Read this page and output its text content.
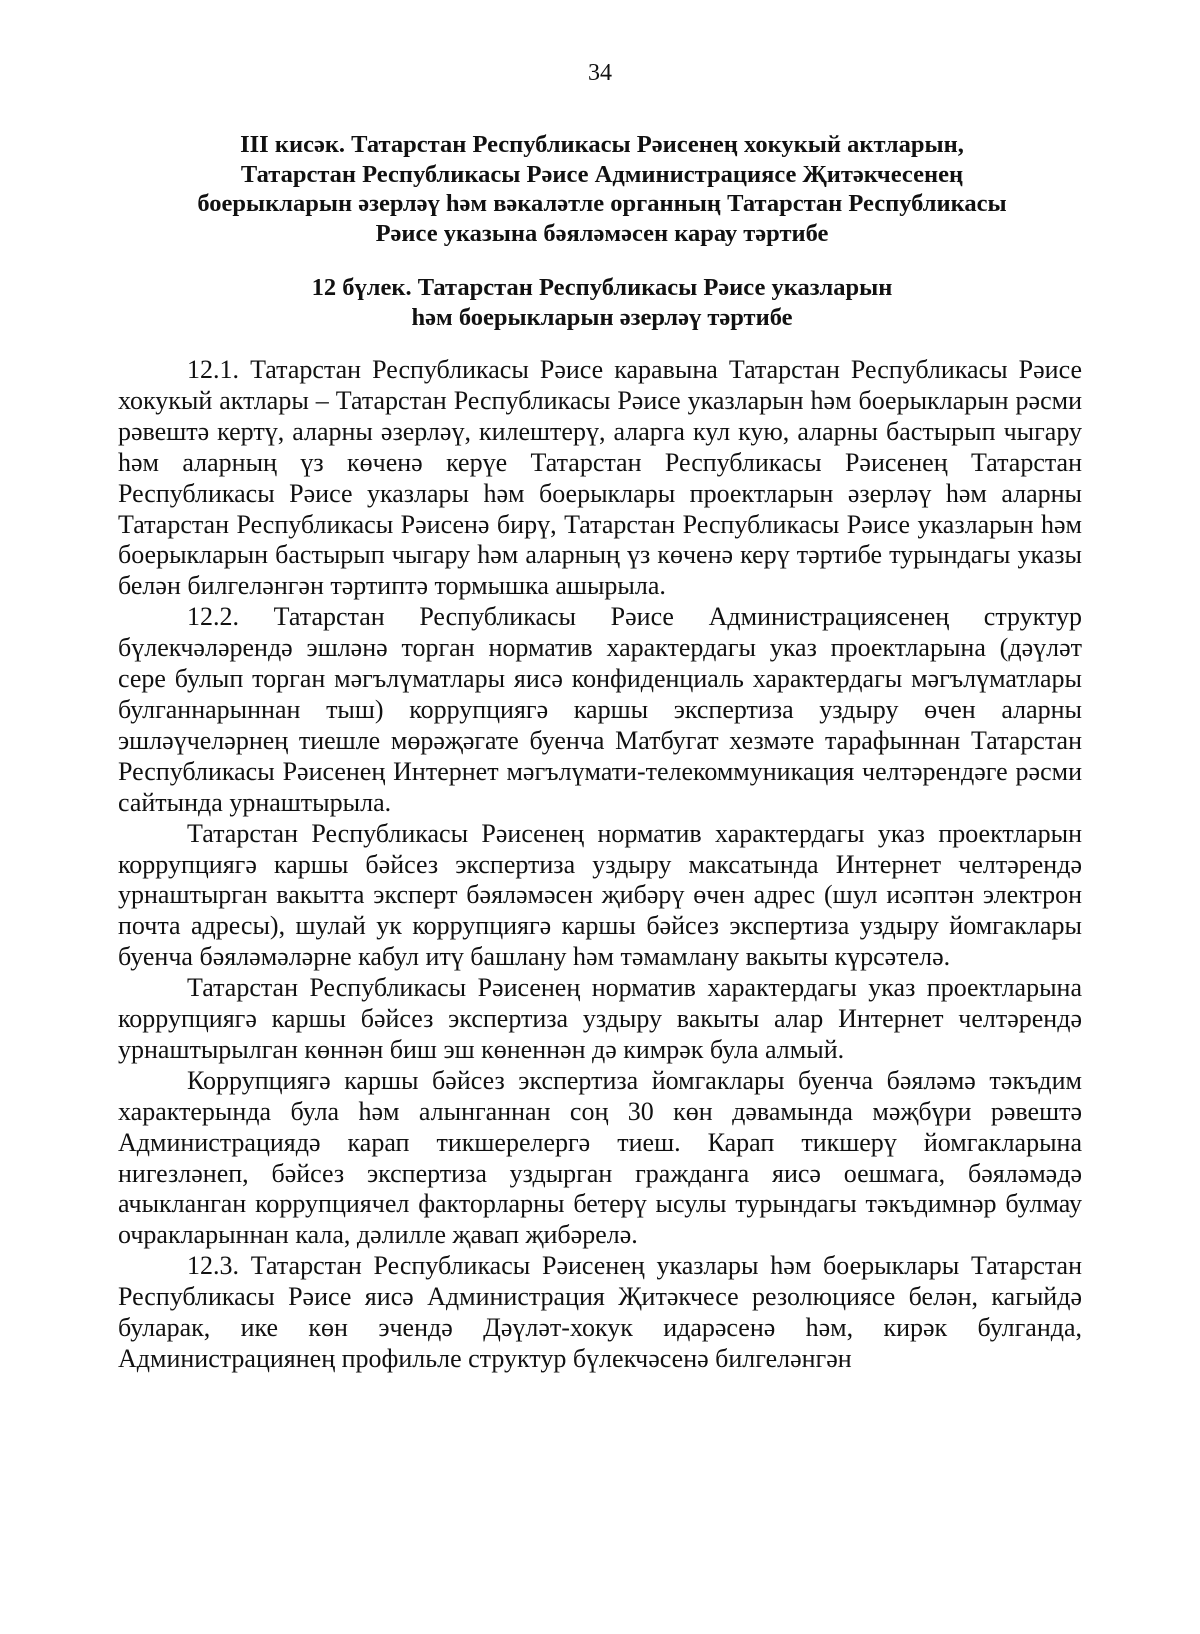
34
III кисәк. Татарстан Республикасы Рәисенең хокукый актларын,
Татарстан Республикасы Рәисе Администрациясе Җитәкчесенең
боерыкларын әзерләү һәм вәкаләтле органның Татарстан Республикасы
Рәисе указына бәяләмәсен карау тәртибе
12 бүлек. Татарстан Республикасы Рәисе указларын
һәм боерыкларын әзерләү тәртибе

12.1. Татарстан Республикасы Рәисе каравына Татарстан Республикасы Рәисе хокукый актлары – Татарстан Республикасы Рәисе указларын һәм боерыкларын рәсми рәвештә кертү, аларны әзерләү, килештерү, аларга кул кую, аларны бастырып чыгару һәм аларның үз көченә керүе Татарстан Республикасы Рәисенең Татарстан Республикасы Рәисе указлары һәм боерыклары проектларын әзерләү һәм аларны Татарстан Республикасы Рәисенә бирү, Татарстан Республикасы Рәисе указларын һәм боерыкларын бастырып чыгару һәм аларның үз көченә керү тәртибе турындагы указы белән билгеләнгән тәртиптә тормышка ашырыла.

12.2. Татарстан Республикасы Рәисе Администрациясенең структур бүлекчәләрендә эшләнә торган норматив характердагы указ проектларына (дәүләт сере булып торган мәгълүматлары яисә конфиденциаль характердагы мәгълүматлары булганнарыннан тыш) коррупциягә каршы экспертиза уздыру өчен аларны эшләүчеләрнең тиешле мөрәҗәгате буенча Матбугат хезмәте тарафыннан Татарстан Республикасы Рәисенең Интернет мәгълүмати-телекоммуникация челтәрендәге рәсми сайтында урнаштырыла.

Татарстан Республикасы Рәисенең норматив характердагы указ проектларын коррупциягә каршы бәйсез экспертиза уздыру максатында Интернет челтәрендә урнаштырган вакытта эксперт бәяләмәсен җибәрү өчен адрес (шул исәптән электрон почта адресы), шулай ук коррупциягә каршы бәйсез экспертиза уздыру йомгаклары буенча бәяләмәләрне кабул итү башлану һәм тәмамлану вакыты күрсәтелә.

Татарстан Республикасы Рәисенең норматив характердагы указ проектларына коррупциягә каршы бәйсез экспертиза уздыру вакыты алар Интернет челтәрендә урнаштырылган көннән биш эш көненнән дә кимрәк була алмый.

Коррупциягә каршы бәйсез экспертиза йомгаклары буенча бәяләмә тәкъдим характерында була һәм алынганнан соң 30 көн дәвамында мәҗбүри рәвештә Администрациядә карап тикшерелергә тиеш. Карап тикшерү йомгакларына нигезләнеп, бәйсез экспертиза уздырган гражданга яисә оешмага, бәяләмәдә ачыкланган коррупциячел факторларны бетерү ысулы турындагы тәкъдимнәр булмау очракларыннан кала, дәлилле җавап җибәрелә.

12.3. Татарстан Республикасы Рәисенең указлары һәм боерыклары Татарстан Республикасы Рәисе яисә Администрация Җитәкчесе резолюциясе белән, кагыйдә буларак, ике көн эчендә Дәүләт-хокук идарәсенә һәм, кирәк булганда, Администрациянең профильле структур бүлекчәсенә билгеләнгән
